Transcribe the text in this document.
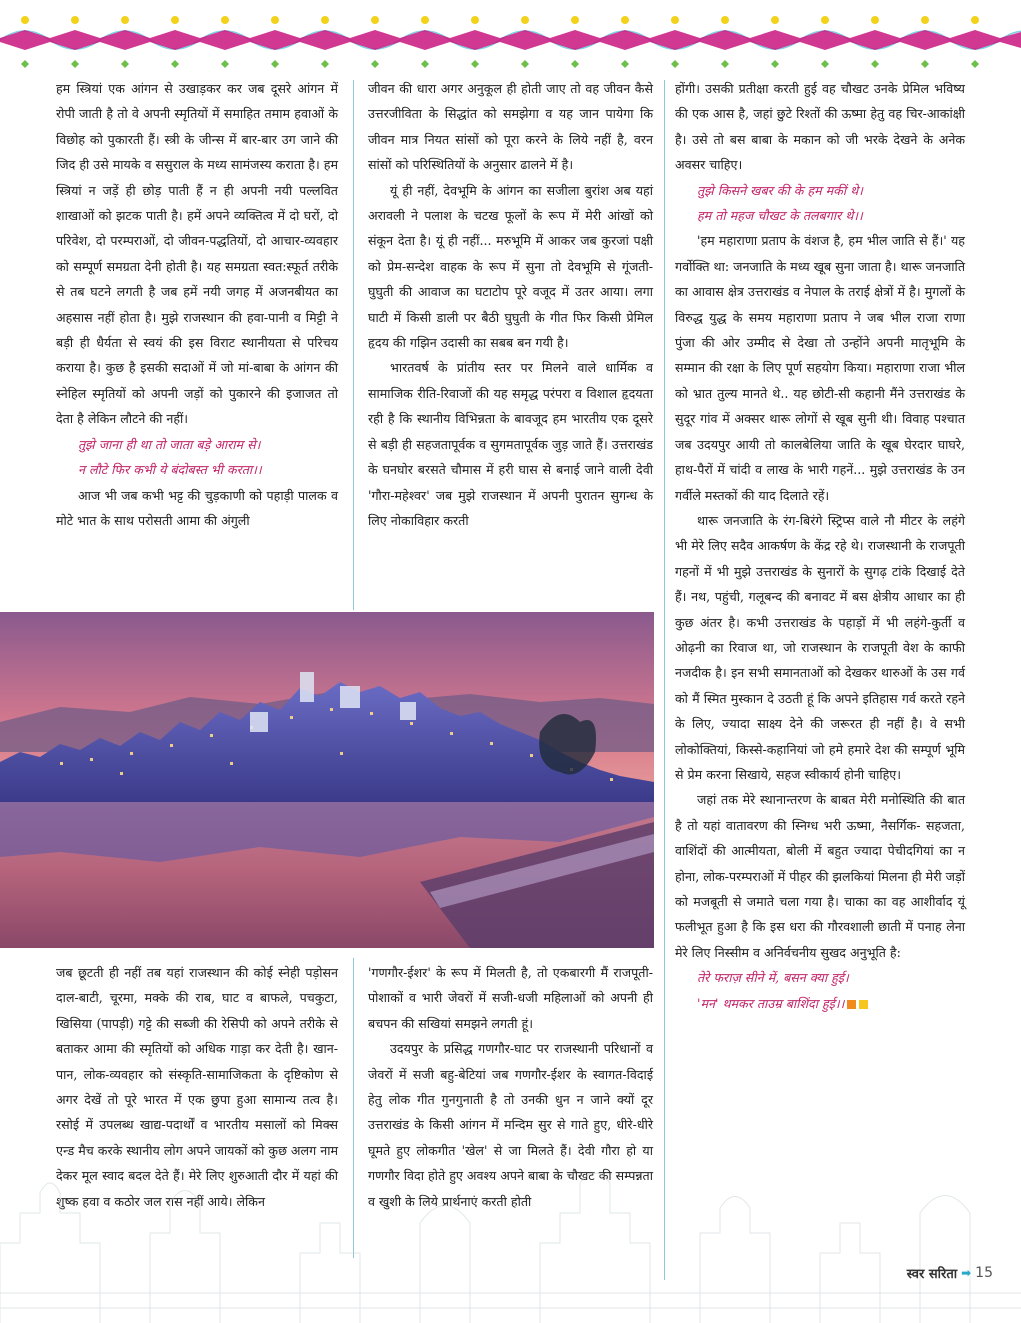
हम स्त्रियां एक आंगन से उखाड़कर कर जब दूसरे आंगन में रोपी जाती है तो वे अपनी स्मृतियों में समाहित तमाम हवाओं के विछोह को पुकारती हैं। स्त्री के जीन्स में बार-बार उग जाने की जिद ही उसे मायके व ससुराल के मध्य सामंजस्य कराता है। हम स्त्रियां न जड़ें ही छोड़ पाती हैं न ही अपनी नयी पल्लवित शाखाओं को झटक पाती है। हमें अपने व्यक्तित्व में दो घरों, दो परिवेश, दो परम्पराओं, दो जीवन-पद्धतियों, दो आचार-व्यवहार को सम्पूर्ण समग्रता देनी होती है। यह समग्रता स्वत:स्फूर्त तरीके से तब घटने लगती है जब हमें नयी जगह में अजनबीयत का अहसास नहीं होता है। मुझे राजस्थान की हवा-पानी व मिट्टी ने बड़ी ही धैर्यता से स्वयं की इस विराट स्थानीयता से परिचय कराया है। कुछ है इसकी सदाओं में जो मां-बाबा के आंगन की स्नेहिल स्मृतियों को अपनी जड़ों को पुकारने की इजाजत तो देता है लेकिन लौटने की नहीं।

तुझे जाना ही था तो जाता बड़े आराम से।

न लौटे फिर कभी ये बंदोबस्त भी करता।।

आज भी जब कभी भट्ट की चुड़काणी को पहाड़ी पालक व मोटे भात के साथ परोसती आमा की अंगुली

जीवन की धारा अगर अनुकूल ही होती जाए तो वह जीवन कैसे उत्तरजीविता के सिद्धांत को समझेगा व यह जान पायेगा कि जीवन मात्र नियत सांसों को पूरा करने के लिये नहीं है, वरन सांसों को परिस्थितियों के अनुसार ढालने में है।

यूं ही नहीं, देवभूमि के आंगन का सजीला बुरांश अब यहां अरावली ने पलाश के चटख फूलों के रूप में मेरी आंखों को संकून देता है। यूं ही नहीं... मरुभूमि में आकर जब कुरजां पक्षी को प्रेम-सन्देश वाहक के रूप में सुना तो देवभूमि से गूंजती-घुघुती की आवाज का घटाटोप पूरे वजूद में उतर आया। लगा घाटी में किसी डाली पर बैठी घुघुती के गीत फिर किसी प्रेमिल हृदय की गझिन उदासी का सबब बन गयी है।

भारतवर्ष के प्रांतीय स्तर पर मिलने वाले धार्मिक व सामाजिक रीति-रिवाजों की यह समृद्ध परंपरा व विशाल हृदयता रही है कि स्थानीय विभिन्नता के बावजूद हम भारतीय एक दूसरे से बड़ी ही सहजतापूर्वक व सुगमतापूर्वक जुड़ जाते हैं। उत्तराखंड के घनघोर बरसते चौमास में हरी घास से बनाई जाने वाली देवी 'गौरा-महेश्वर' जब मुझे राजस्थान में अपनी पुरातन सुगन्ध के लिए नोकाविहार करती

होंगी। उसकी प्रतीक्षा करती हुई वह चौखट उनके प्रेमिल भविष्य की एक आस है, जहां छुटे रिश्तों की ऊष्मा हेतु वह चिर-आकांक्षी है। उसे तो बस बाबा के मकान को जी भरके देखने के अनेक अवसर चाहिए।

तुझे किसने खबर की के हम मकीं थे।

हम तो महज चौखट के तलबगार थे।।

'हम महाराणा प्रताप के वंशज है, हम भील जाति से हैं।' यह गर्वोक्ति था: जनजाति के मध्य खूब सुना जाता है। थारू जनजाति का आवास क्षेत्र उत्तराखंड व नेपाल के तराई क्षेत्रों में है। मुगलों के विरुद्ध युद्ध के समय महाराणा प्रताप ने जब भील राजा राणा पुंजा की ओर उम्मीद से देखा तो उन्होंने अपनी मातृभूमि के सम्मान की रक्षा के लिए पूर्ण सहयोग किया। महाराणा राजा भील को भ्रात तुल्य मानते थे.. यह छोटी-सी कहानी मैंने उत्तराखंड के सुदूर गांव में अक्सर थारू लोगों से खूब सुनी थी। विवाह पश्चात जब उदयपुर आयी तो कालबेलिया जाति के खूब घेरदार घाघरे, हाथ-पैरों में चांदी व लाख के भारी गहनें... मुझे उत्तराखंड के उन गर्वीले मस्तकों की याद दिलाते रहें।

थारू जनजाति के रंग-बिरंगे स्ट्रिप्स वाले नौ मीटर के लहंगे भी मेरे लिए सदैव आकर्षण के केंद्र रहे थे। राजस्थानी के राजपूती गहनों में भी मुझे उत्तराखंड के सुनारों के सुगढ़ टांके दिखाई देते हैं। नथ, पहुंची, गलूबन्द की बनावट में बस क्षेत्रीय आधार का ही कुछ अंतर है। कभी उत्तराखंड के पहाड़ों में भी लहंगे-कुर्ती व ओढ़नी का रिवाज था, जो राजस्थान के राजपूती वेश के काफी नजदीक है। इन सभी समानताओं को देखकर थारुओं के उस गर्व को मैं स्मित मुस्कान दे उठती हूं कि अपने इतिहास गर्व करते रहने के लिए, ज्यादा साक्ष्य देने की जरूरत ही नहीं है। वे सभी लोकोक्तियां, किस्से-कहानियां जो हमे हमारे देश की सम्पूर्ण भूमि से प्रेम करना सिखाये, सहज स्वीकार्य होनी चाहिए।

जहां तक मेरे स्थानान्तरण के बाबत मेरी मनोस्थिति की बात है तो यहां वातावरण की स्निग्ध भरी ऊष्मा, नैसर्गिक- सहजता, वाशिंदों की आत्मीयता, बोली में बहुत ज्यादा पेचीदगियां का न होना, लोक-परम्पराओं में पीहर की झलकियां मिलना ही मेरी जड़ों को मजबूती से जमाते चला गया है। चाका का वह आशीर्वाद यूं फलीभूत हुआ है कि इस धरा की गौरवशाली छाती में पनाह लेना मेरे लिए निस्सीम व अनिर्वचनीय सुखद अनुभूति है:

तेरे फराज़ सीने में, बसन क्या हुई।

'मन' थमकर ताउम्र बाशिंदा हुई।।

जब छूटती ही नहीं तब यहां राजस्थान की कोई स्नेही पड़ोसन दाल-बाटी, चूरमा, मक्के की राब, घाट व बाफले, पचकुटा, खिसिया (पापड़ी) गट्टे की सब्जी की रेसिपी को अपने तरीके से बताकर आमा की स्मृतियों को अधिक गाड़ा कर देती है। खान-पान, लोक-व्यवहार को संस्कृति-सामाजिकता के दृष्टिकोण से अगर देखें तो पूरे भारत में एक छुपा हुआ सामान्य तत्व है। रसोई में उपलब्ध खाद्य-पदार्थों व भारतीय मसालों को मिक्स एन्ड मैच करके स्थानीय लोग अपने जायकों को कुछ अलग नाम देकर मूल स्वाद बदल देते हैं। मेरे लिए शुरुआती दौर में यहां की शुष्क हवा व कठोर जल रास नहीं आये। लेकिन

'गणगौर-ईशर' के रूप में मिलती है, तो एकबारगी मैं राजपूती-पोशाकों व भारी जेवरों में सजी-धजी महिलाओं को अपनी ही बचपन की सखियां समझने लगती हूं।

उदयपुर के प्रसिद्ध गणगौर-घाट पर राजस्थानी परिधानों व जेवरों में सजी बहु-बेटियां जब गणगौर-ईशर के स्वागत-विदाई हेतु लोक गीत गुनगुनाती है तो उनकी धुन न जाने क्यों दूर उत्तराखंड के किसी आंगन में मन्दिम सुर से गाते हुए, धीरे-धीरे घूमते हुए लोकगीत 'खेल' से जा मिलते हैं। देवी गौरा हो या गणगौर विदा होते हुए अवश्य अपने बाबा के चौखट की सम्पन्नता व खुशी के लिये प्रार्थनाएं करती होती

स्वर सरिता ➡ 15
